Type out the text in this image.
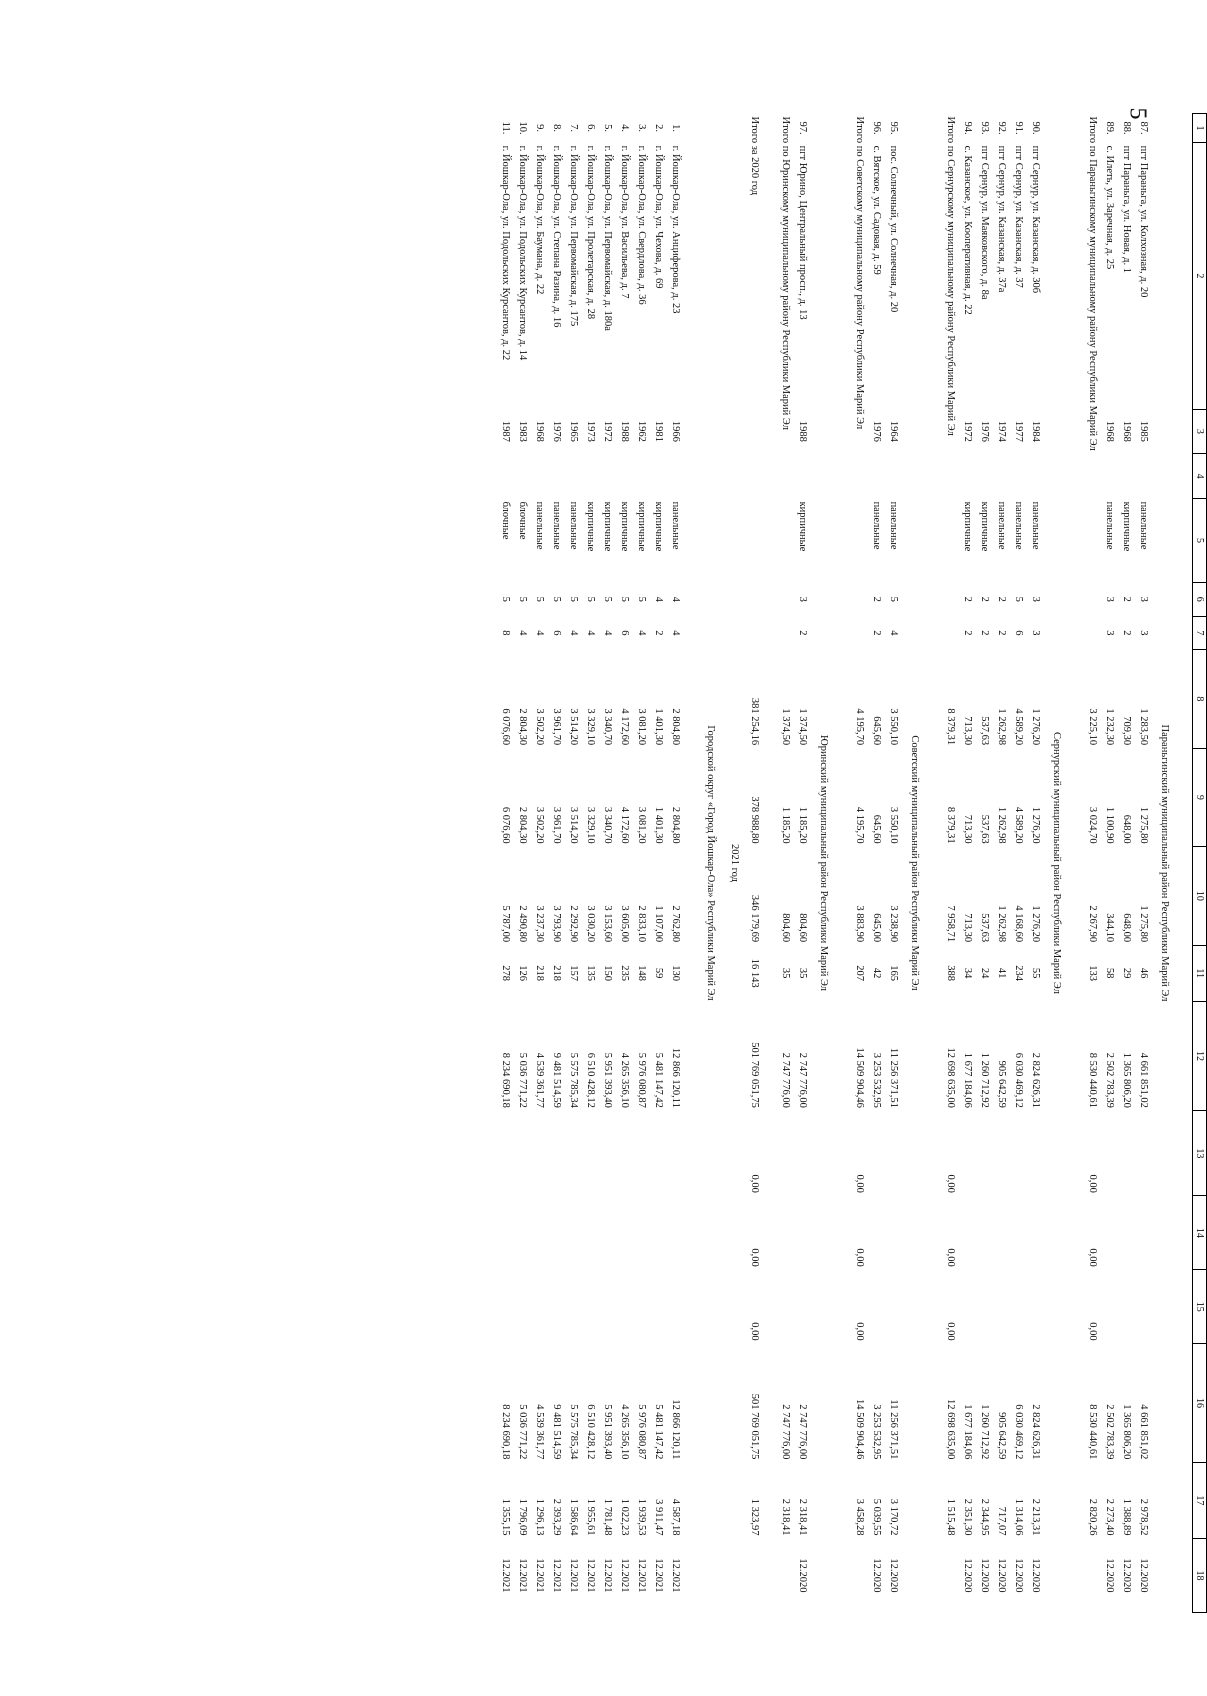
5
1	2	3	4	5	6	7	8	9	10	11	12	13	14	15	16	17	18

Параньгинский муниципальный район Республики Марий Эл																	
87.	пгт Параньга, ул. Колхозная, д. 20	1985		панельные	3	3	1 283,50	1 275,80	1 275,80	46	4 661 851,02				4 661 851,02	2 978,52	12.2020
88.	пгт Параньга, ул. Новая, д. 1	1968		кирпичные	2	2	709,30	648,00	648,00	29	1 365 806,20				1 365 806,20	1 388,89	12.2020
89.	с. Илеть, ул. Заречная, д. 25	1968		панельные	3	3	1 232,30	1 100,90	344,10	58	2 502 783,39				2 502 783,39	2 273,40	12.2020
Итого по Параньгинскому муниципальному району Республики Марий Эл							3 225,10	3 024,70	2 267,90	133	8 530 440,61	0,00	0,00	0,00	8 530 440,61	2 820,26	

Сернурский муниципальный район Республики Марий Эл																	
90.	пгт Сернур, ул. Казанская, д. 30б	1984		панельные	3	3	1 276,20	1 276,20	1 276,20	55	2 824 626,31				2 824 626,31	2 213,31	12.2020
91.	пгт Сернур, ул. Казанская, д. 37	1977		панельные	5	6	4 589,20	4 589,20	4 168,60	234	6 030 469,12				6 030 469,12	1 314,06	12.2020
92.	пгт Сернур, ул. Казанская, д. 37а	1974		панельные	2	2	1 262,98	1 262,98	1 262,98	41	905 642,59				905 642,59	717,07	12.2020
93.	пгт Сернур, ул. Маяковского, д. 8а	1976		кирпичные	2	2	537,63	537,63	537,63	24	1 260 712,92				1 260 712,92	2 344,95	12.2020
94.	с. Казанское, ул. Кооперативная, д. 22	1972		кирпичные	2	2	713,30	713,30	713,30	34	1 677 184,06				1 677 184,06	2 351,30	12.2020
Итого по Сернурскому муниципальному району Республики Марий Эл							8 379,31	8 379,31	7 958,71	388	12 698 635,00	0,00	0,00	0,00	12 698 635,00	1 515,48	

Советский муниципальный район Республики Марий Эл																	
95.	пос. Солнечный, ул. Солнечная, д. 20	1964		панельные	5	4	3 550,10	3 550,10	3 238,90	165	11 256 371,51				11 256 371,51	3 170,72	12.2020
96.	с. Вятское, ул. Садовая, д. 59	1976		панельные	2	2	645,60	645,60	645,00	42	3 253 532,95				3 253 532,95	5 039,55	12.2020
Итого по Советскому муниципальному району Республики Марий Эл							4 195,70	4 195,70	3 883,90	207	14 509 904,46	0,00	0,00	0,00	14 509 904,46	3 458,28	

Юринский муниципальный район Республики Марий Эл																	
97.	пгт Юрино, Центральный просп., д. 13	1988		кирпичные	3	2	1 374,50	1 185,20	804,60	35	2 747 776,00				2 747 776,00	2 318,41	12.2020
Итого по Юринскому муниципальному району Республики Марий Эл							1 374,50	1 185,20	804,60	35	2 747 776,00				2 747 776,00	2 318,41	

Итого за 2020 год							381 254,16	378 988,80	346 179,69	16 143	501 769 051,75	0,00	0,00	0,00	501 769 051,75	1 323,97	
2021 год																	
Городской округ «Город Йошкар-Ола» Республики Марий Эл																	

1.	г. Йошкар-Ола, ул. Анциферова, д. 23	1966		панельные	4	4	2 804,80	2 804,80	2 762,80	130	12 866 120,11				12 866 120,11	4 587,18	12.2021
2.	г. Йошкар-Ола, ул. Чехова, д. 69	1981		кирпичные	4	2	1 401,30	1 401,30	1 107,00	59	5 481 147,42				5 481 147,42	3 911,47	12.2021
3.	г. Йошкар-Ола, ул. Свердлова, д. 36	1962		кирпичные	5	4	3 081,20	3 081,20	2 833,10	148	5 976 080,87				5 976 080,87	1 939,53	12.2021
4.	г. Йошкар-Ола, ул. Васильева, д. 7	1988		кирпичные	5	6	4 172,60	4 172,60	3 605,00	235	4 265 356,10				4 265 356,10	1 022,23	12.2021
5.	г. Йошкар-Ола, ул. Первомайская, д. 180а	1972		кирпичные	5	4	3 340,70	3 340,70	3 153,60	150	5 951 393,40				5 951 393,40	1 781,48	12.2021
6.	г. Йошкар-Ола, ул. Пролетарская, д. 28	1973		кирпичные	5	4	3 329,10	3 329,10	3 030,20	135	6 510 428,12				6 510 428,12	1 955,61	12.2021
7.	г. Йошкар-Ола, ул. Первомайская, д. 175	1965		панельные	5	4	3 514,20	3 514,20	2 292,90	157	5 575 785,34				5 575 785,34	1 586,64	12.2021
8.	г. Йошкар-Ола, ул. Степана Разина, д. 16	1976		панельные	5	6	3 961,70	3 961,70	3 793,90	218	9 481 514,59				9 481 514,59	2 393,29	12.2021
9.	г. Йошкар-Ола, ул. Баумана, д. 22	1968		панельные	5	4	3 502,20	3 502,20	3 237,30	218	4 539 361,77				4 539 361,77	1 296,13	12.2021
10.	г. Йошкар-Ола, ул. Подольских Курсантов, д. 14	1983		блочные	5	4	2 804,30	2 804,30	2 490,80	126	5 036 771,22				5 036 771,22	1 796,09	12.2021
11.	г. Йошкар-Ола, ул. Подольских Курсантов, д. 22	1987		блочные	5	8	6 076,60	6 076,60	5 787,00	278	8 234 690,18				8 234 690,18	1 355,15	12.2021
